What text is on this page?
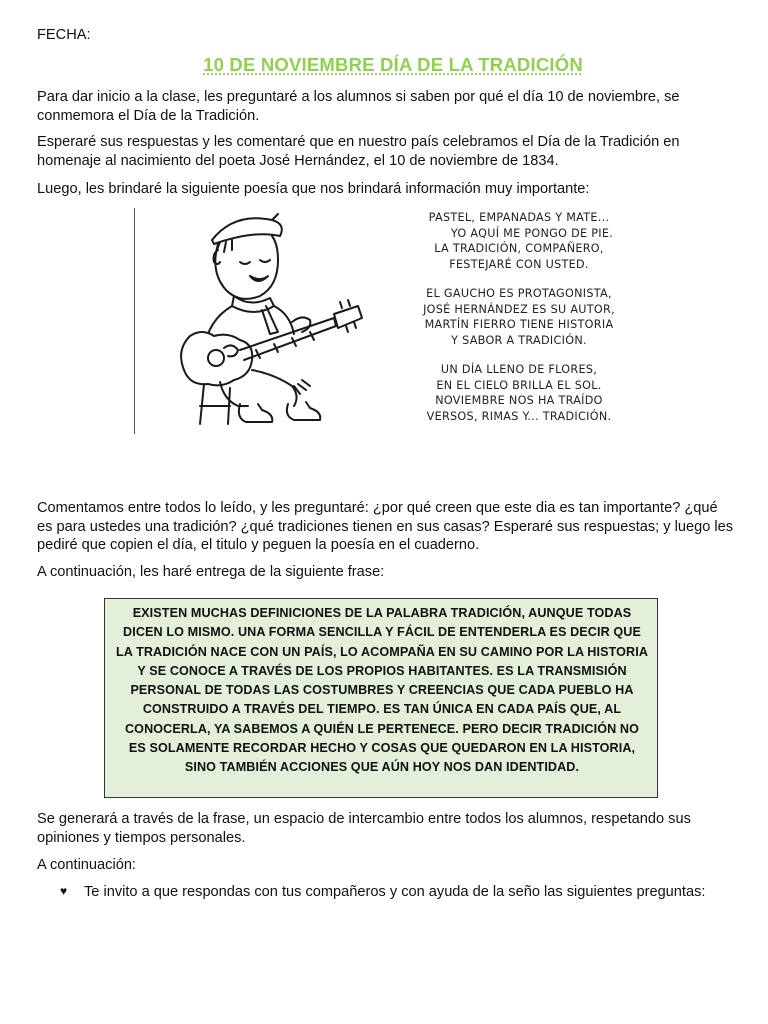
FECHA:

10 DE NOVIEMBRE DÍA DE LA TRADICIÓN

Para dar inicio a la clase, les preguntaré a los alumnos si saben por qué el día 10 de noviembre, se conmemora el Día de la Tradición.

Esperaré sus respuestas y les comentaré que en nuestro país celebramos el Día de la Tradición en homenaje al nacimiento del poeta José Hernández, el 10 de noviembre de 1834.

Luego, les brindaré la siguiente poesía que nos brindará información muy importante:

PASTEL, EMPANADAS Y MATE...
YO AQUÍ ME PONGO DE PIE.
LA TRADICIÓN, COMPAÑERO,
FESTEJARÉ CON USTED.
EL GAUCHO ES PROTAGONISTA,
JOSÉ HERNÁNDEZ ES SU AUTOR,
MARTÍN FIERRO TIENE HISTORIA
Y SABOR A TRADICIÓN.
UN DÍA LLENO DE FLORES,
EN EL CIELO BRILLA EL SOL.
NOVIEMBRE NOS HA TRAÍDO
VERSOS, RIMAS Y... TRADICIÓN.

Comentamos entre todos lo leído, y les preguntaré: ¿por qué creen que este dia es tan importante? ¿qué es para ustedes una tradición? ¿qué tradiciones tienen en sus casas? Esperaré sus respuestas; y luego les pediré que copien el día, el titulo y peguen la poesía en el cuaderno.

A continuación, les haré entrega de la siguiente frase:

EXISTEN MUCHAS DEFINICIONES DE LA PALABRA TRADICIÓN, AUNQUE TODAS DICEN LO MISMO. UNA FORMA SENCILLA Y FÁCIL DE ENTENDERLA ES DECIR QUE LA TRADICIÓN NACE CON UN PAÍS, LO ACOMPAÑA EN SU CAMINO POR LA HISTORIA Y SE CONOCE A TRAVÉS DE LOS PROPIOS HABITANTES. ES LA TRANSMISIÓN PERSONAL DE TODAS LAS COSTUMBRES Y CREENCIAS QUE CADA PUEBLO HA CONSTRUIDO A TRAVÉS DEL TIEMPO. ES TAN ÚNICA EN CADA PAÍS QUE, AL CONOCERLA, YA SABEMOS A QUIÉN LE PERTENECE. PERO DECIR TRADICIÓN NO ES SOLAMENTE RECORDAR HECHO Y COSAS QUE QUEDARON EN LA HISTORIA, SINO TAMBIÉN ACCIONES QUE AÚN HOY NOS DAN IDENTIDAD.

Se generará a través de la frase, un espacio de intercambio entre todos los alumnos, respetando sus opiniones y tiempos personales.

A continuación:

♥ Te invito a que respondas con tus compañeros y con ayuda de la seño las siguientes preguntas:
